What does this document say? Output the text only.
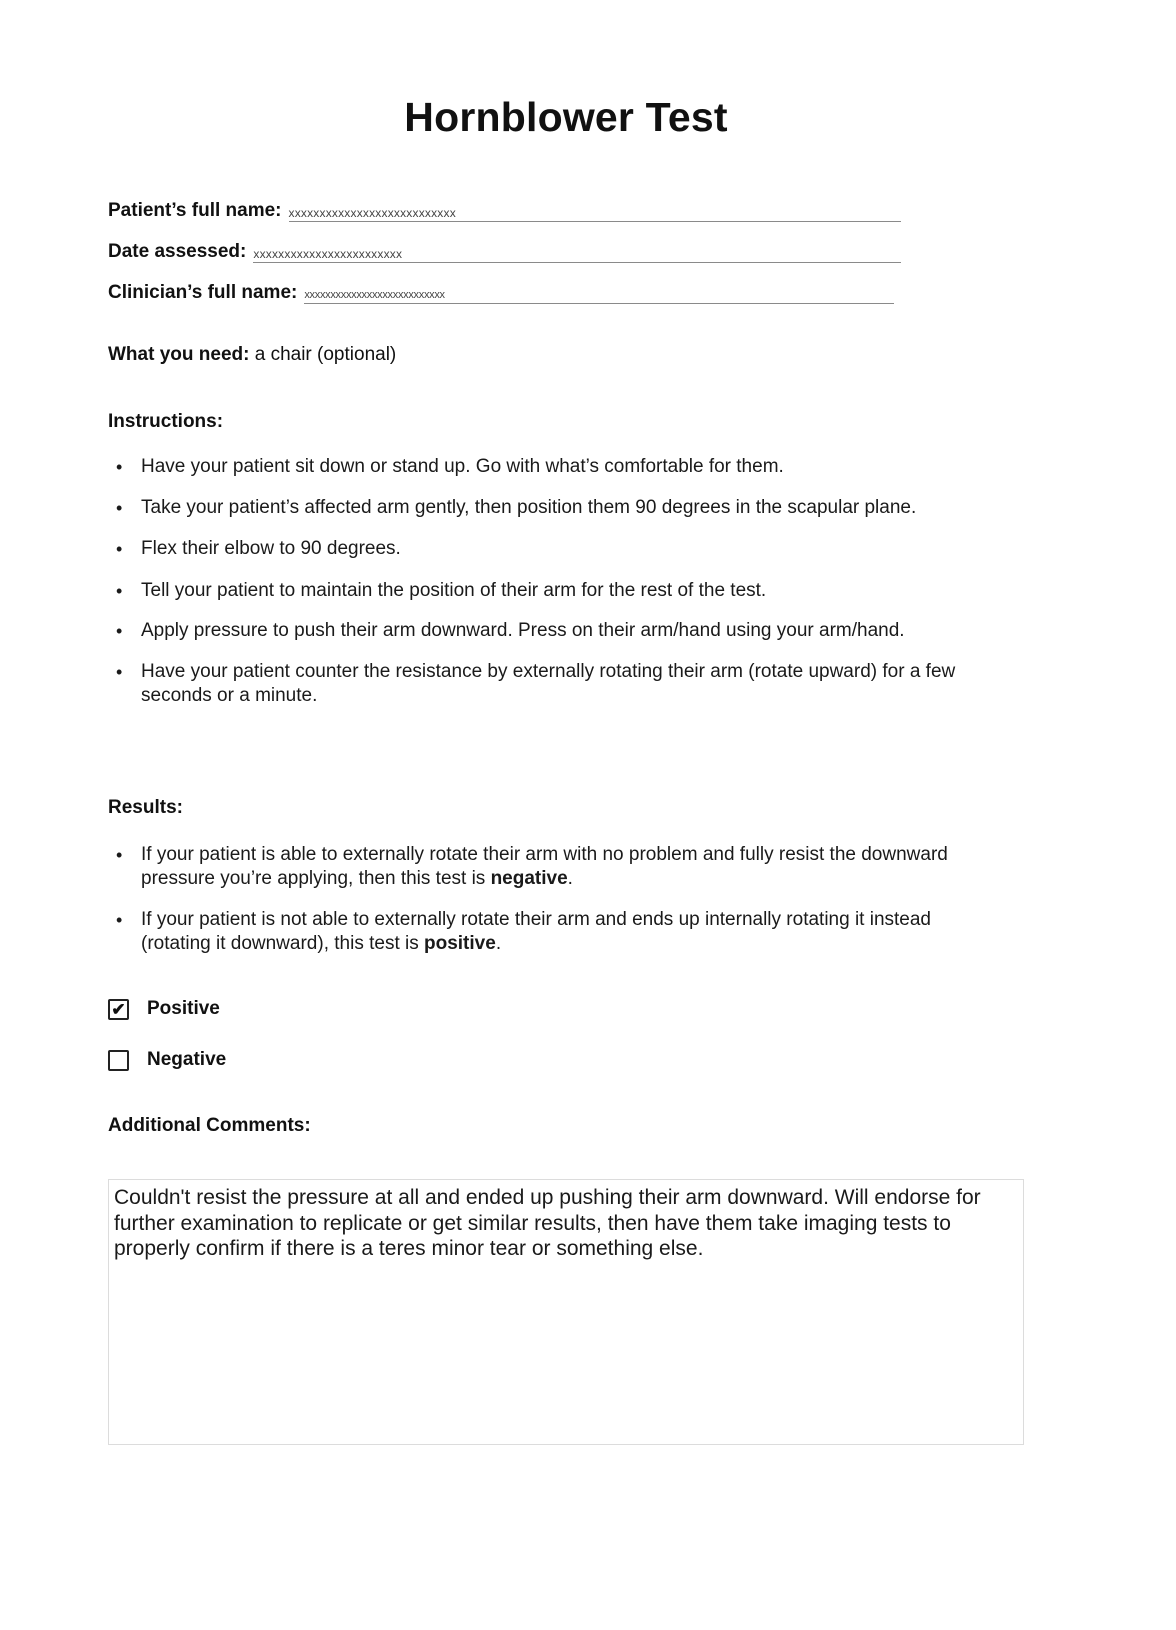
Hornblower Test
Patient’s full name: xxxxxxxxxxxxxxxxxxxxxxxxxxx
Date assessed: xxxxxxxxxxxxxxxxxxxxxxxx
Clinician’s full name: xxxxxxxxxxxxxxxxxxxxxxxxxxx
What you need: a chair (optional)
Instructions:
• Have your patient sit down or stand up. Go with what’s comfortable for them.
• Take your patient’s affected arm gently, then position them 90 degrees in the scapular plane.
• Flex their elbow to 90 degrees.
• Tell your patient to maintain the position of their arm for the rest of the test.
• Apply pressure to push their arm downward. Press on their arm/hand using your arm/hand.
• Have your patient counter the resistance by externally rotating their arm (rotate upward) for a few seconds or a minute.
Results:
• If your patient is able to externally rotate their arm with no problem and fully resist the downward pressure you’re applying, then this test is negative.
• If your patient is not able to externally rotate their arm and ends up internally rotating it instead (rotating it downward), this test is positive.
✔ Positive
Negative
Additional Comments:
Couldn't resist the pressure at all and ended up pushing their arm downward. Will endorse for further examination to replicate or get similar results, then have them take imaging tests to properly confirm if there is a teres minor tear or something else.
